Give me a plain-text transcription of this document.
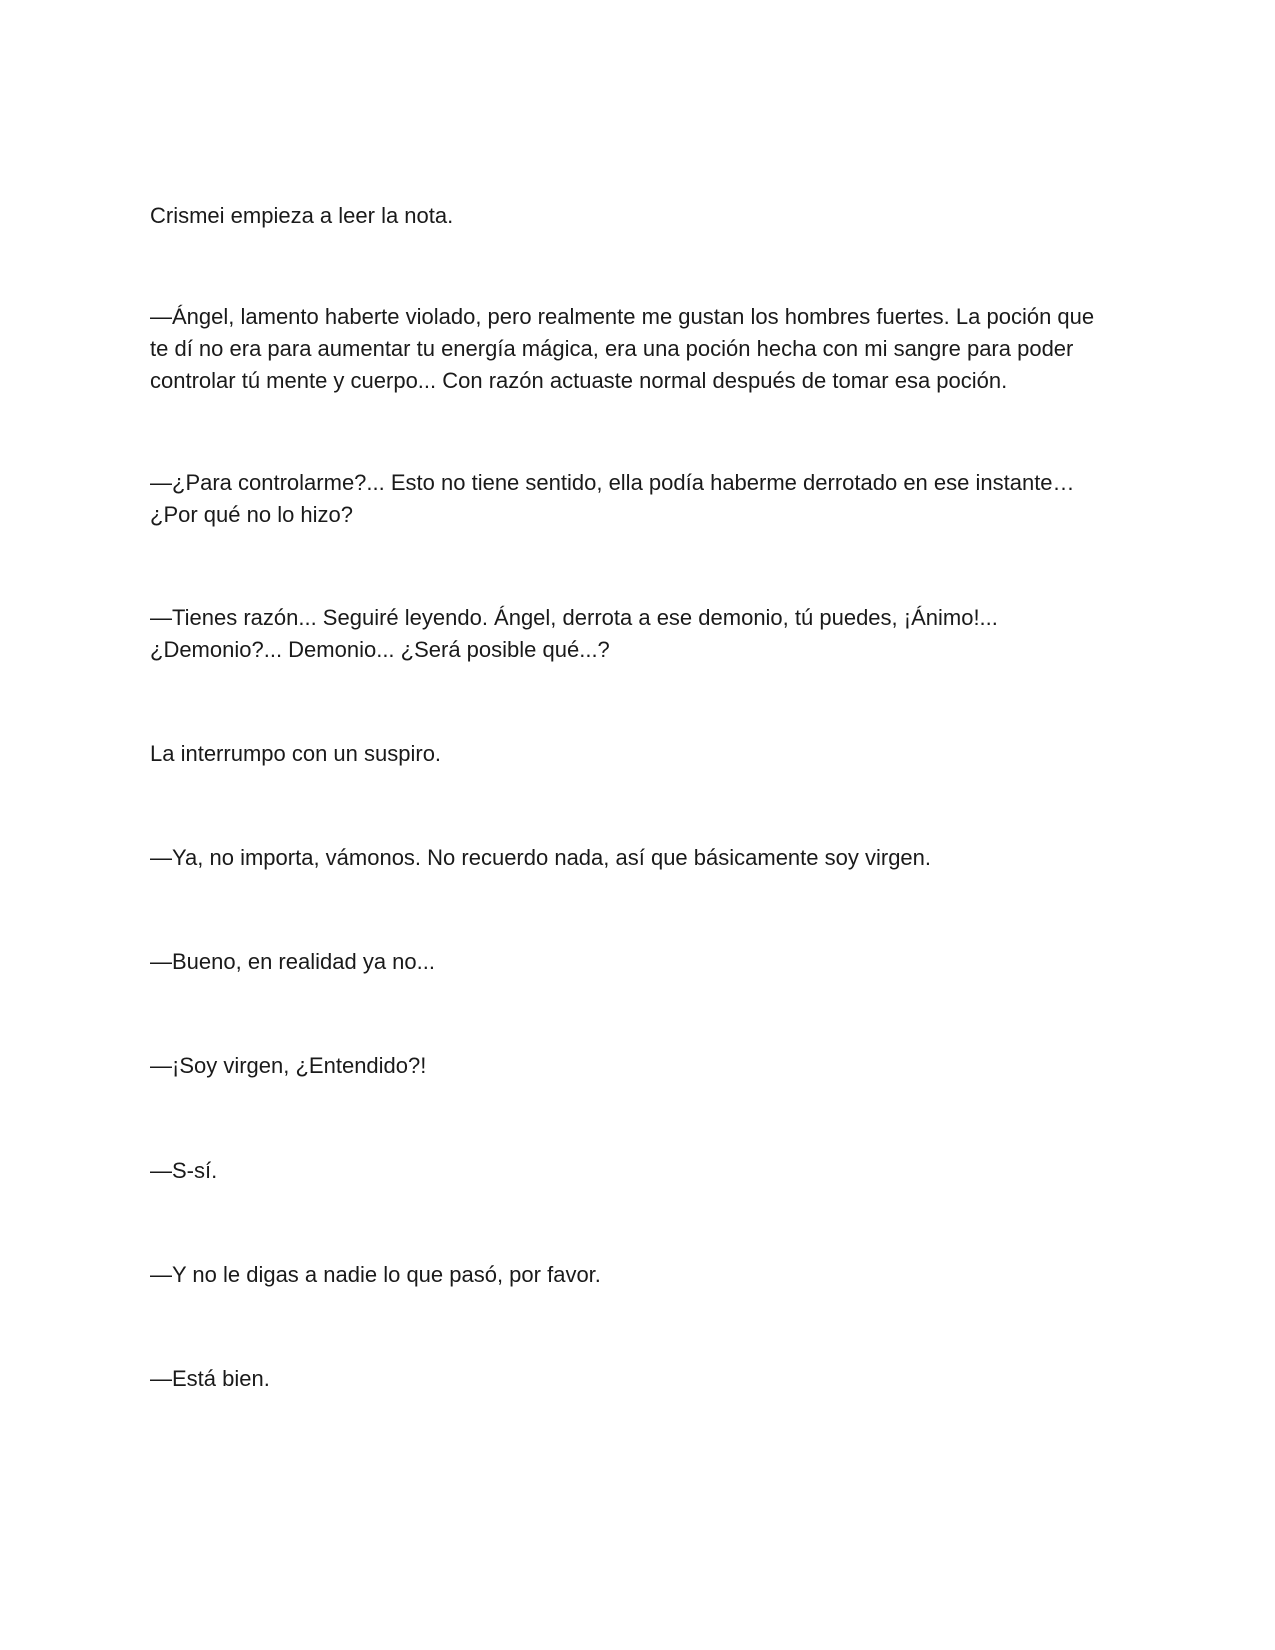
Crismei empieza a leer la nota.

—Ángel, lamento haberte violado, pero realmente me gustan los hombres fuertes. La poción que
te dí no era para aumentar tu energía mágica, era una poción hecha con mi sangre para poder
controlar tú mente y cuerpo... Con razón actuaste normal después de tomar esa poción.

—¿Para controlarme?... Esto no tiene sentido, ella podía haberme derrotado en ese instante…
¿Por qué no lo hizo?

—Tienes razón... Seguiré leyendo. Ángel, derrota a ese demonio, tú puedes, ¡Ánimo!...
¿Demonio?... Demonio... ¿Será posible qué...?

La interrumpo con un suspiro.

—Ya, no importa, vámonos. No recuerdo nada, así que básicamente soy virgen.

—Bueno, en realidad ya no...

—¡Soy virgen, ¿Entendido?!

—S-sí.

—Y no le digas a nadie lo que pasó, por favor.

—Está bien.
